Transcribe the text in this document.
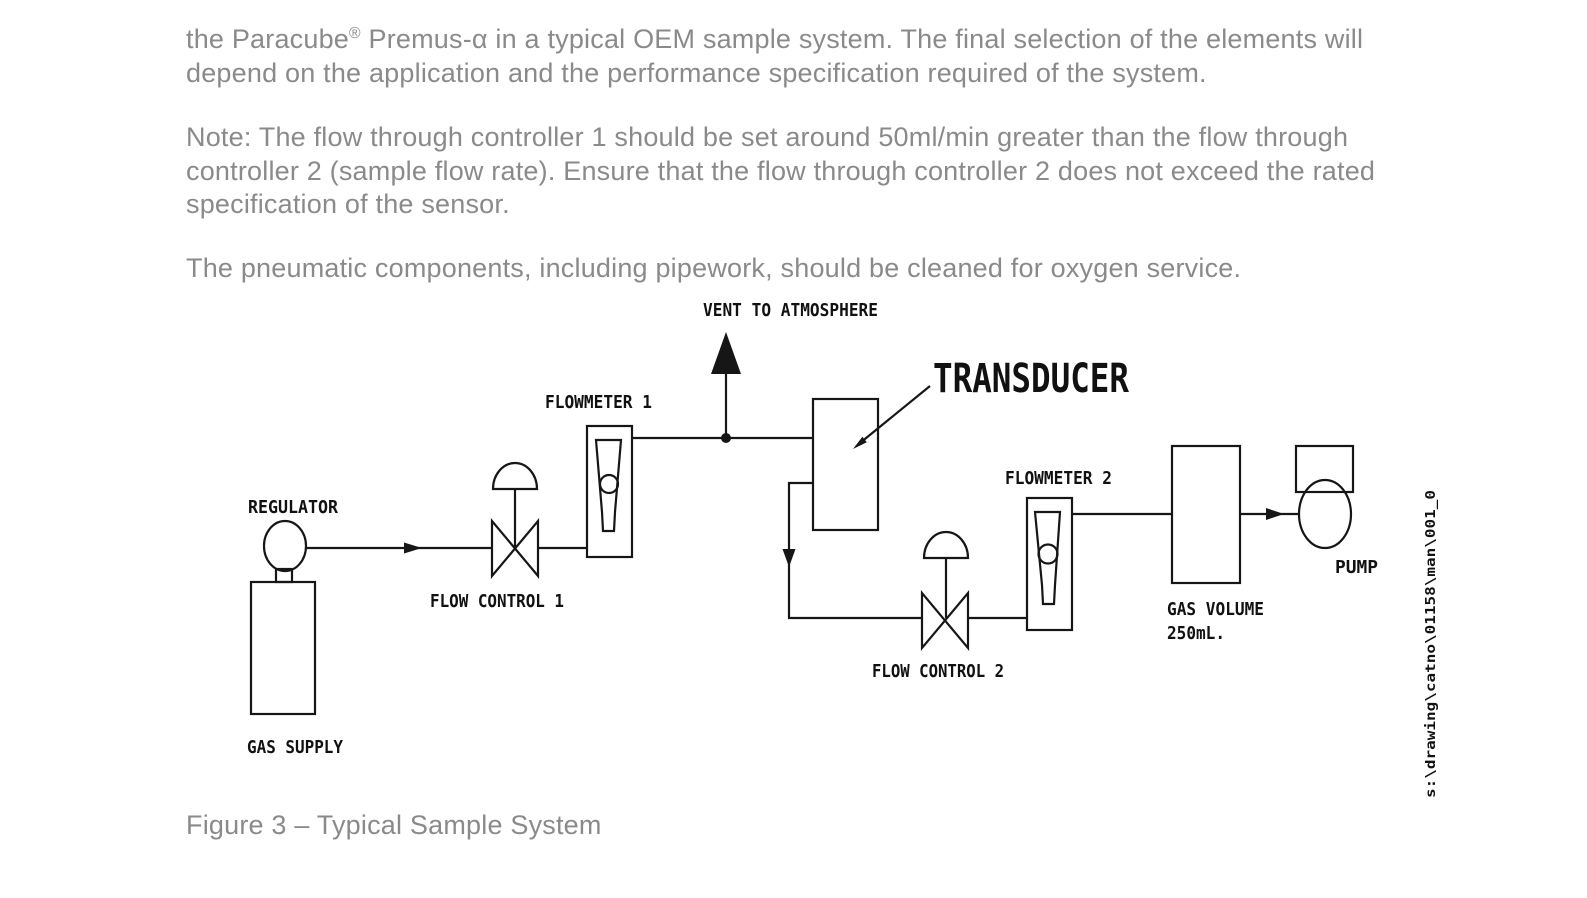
the Paracube® Premus-α in a typical OEM sample system. The final selection of the elements will depend on the application and the performance specification required of the system.

Note: The flow through controller 1 should be set around 50ml/min greater than the flow through controller 2 (sample flow rate). Ensure that the flow through controller 2 does not exceed the rated specification of the sensor.

The pneumatic components, including pipework, should be cleaned for oxygen service.

REGULATOR
GAS SUPPLY
FLOW CONTROL 1
FLOWMETER 1
VENT TO ATMOSPHERE
TRANSDUCER
FLOW CONTROL 2
FLOWMETER 2
GAS VOLUME
250mL.
PUMP	s:\drawing\catno\01158\man\001_0
Figure 3 – Typical Sample System
